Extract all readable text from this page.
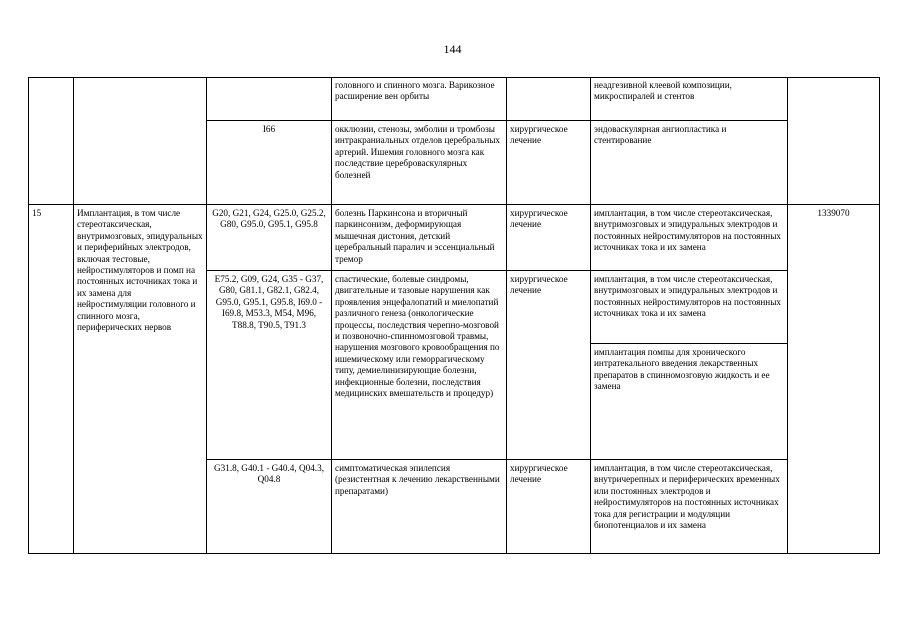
144
головного и спинного мозга. Варикозное расширение вен орбиты
неадгезивной клеевой композиции, микроспиралей и стентов
I66	окклюзии, стенозы, эмболии и тромбозы интракраниальных отделов церебральных артерий. Ишемия головного мозга как последствие цереброваскулярных болезней
хирургическое лечение
эндоваскулярная ангиопластика и стентирование
15	Имплантация, в том числе стереотаксическая, внутримозговых, эпидуральных и периферийных электродов, включая тестовые, нейростимуляторов и помп на постоянных источниках тока и их замена для нейростимуляции головного и спинного мозга, периферических нервов
1339070
G20, G21, G24, G25.0, G25.2, G80, G95.0, G95.1, G95.8
болезнь Паркинсона и вторичный паркинсонизм, деформирующая мышечная дистония, детский церебральный паралич и эссенциальный тремор
хирургическое лечение
имплантация, в том числе стереотаксическая, внутримозговых и эпидуральных электродов и постоянных нейростимуляторов на постоянных источниках тока и их замена
E75.2, G09, G24, G35 - G37, G80, G81.1, G82.1, G82.4, G95.0, G95.1, G95.8, I69.0 - I69.8, M53.3, M54, M96, T88.8, T90.5, T91.3
спастические, болевые синдромы, двигательные и тазовые нарушения как проявления энцефалопатий и миелопатий различного генеза (онкологические процессы, последствия черепно-мозговой и позвоночно-спинномозговой травмы, нарушения мозгового кровообращения по ишемическому или геморрагическому типу, демиелинизирующие болезни, инфекционные болезни, последствия медицинских вмешательств и процедур)
хирургическое лечение
имплантация, в том числе стереотаксическая, внутримозговых и эпидуральных электродов и постоянных нейростимуляторов на постоянных источниках тока и их замена
имплантация помпы для хронического интратекального введения лекарственных препаратов в спинномозговую жидкость и ее замена
G31.8, G40.1 - G40.4, Q04.3, Q04.8
симптоматическая эпилепсия (резистентная к лечению лекарственными препаратами)
хирургическое лечение
имплантация, в том числе стереотаксическая, внутричерепных и периферических временных или постоянных электродов и нейростимуляторов на постоянных источниках тока для регистрации и модуляции биопотенциалов и их замена
